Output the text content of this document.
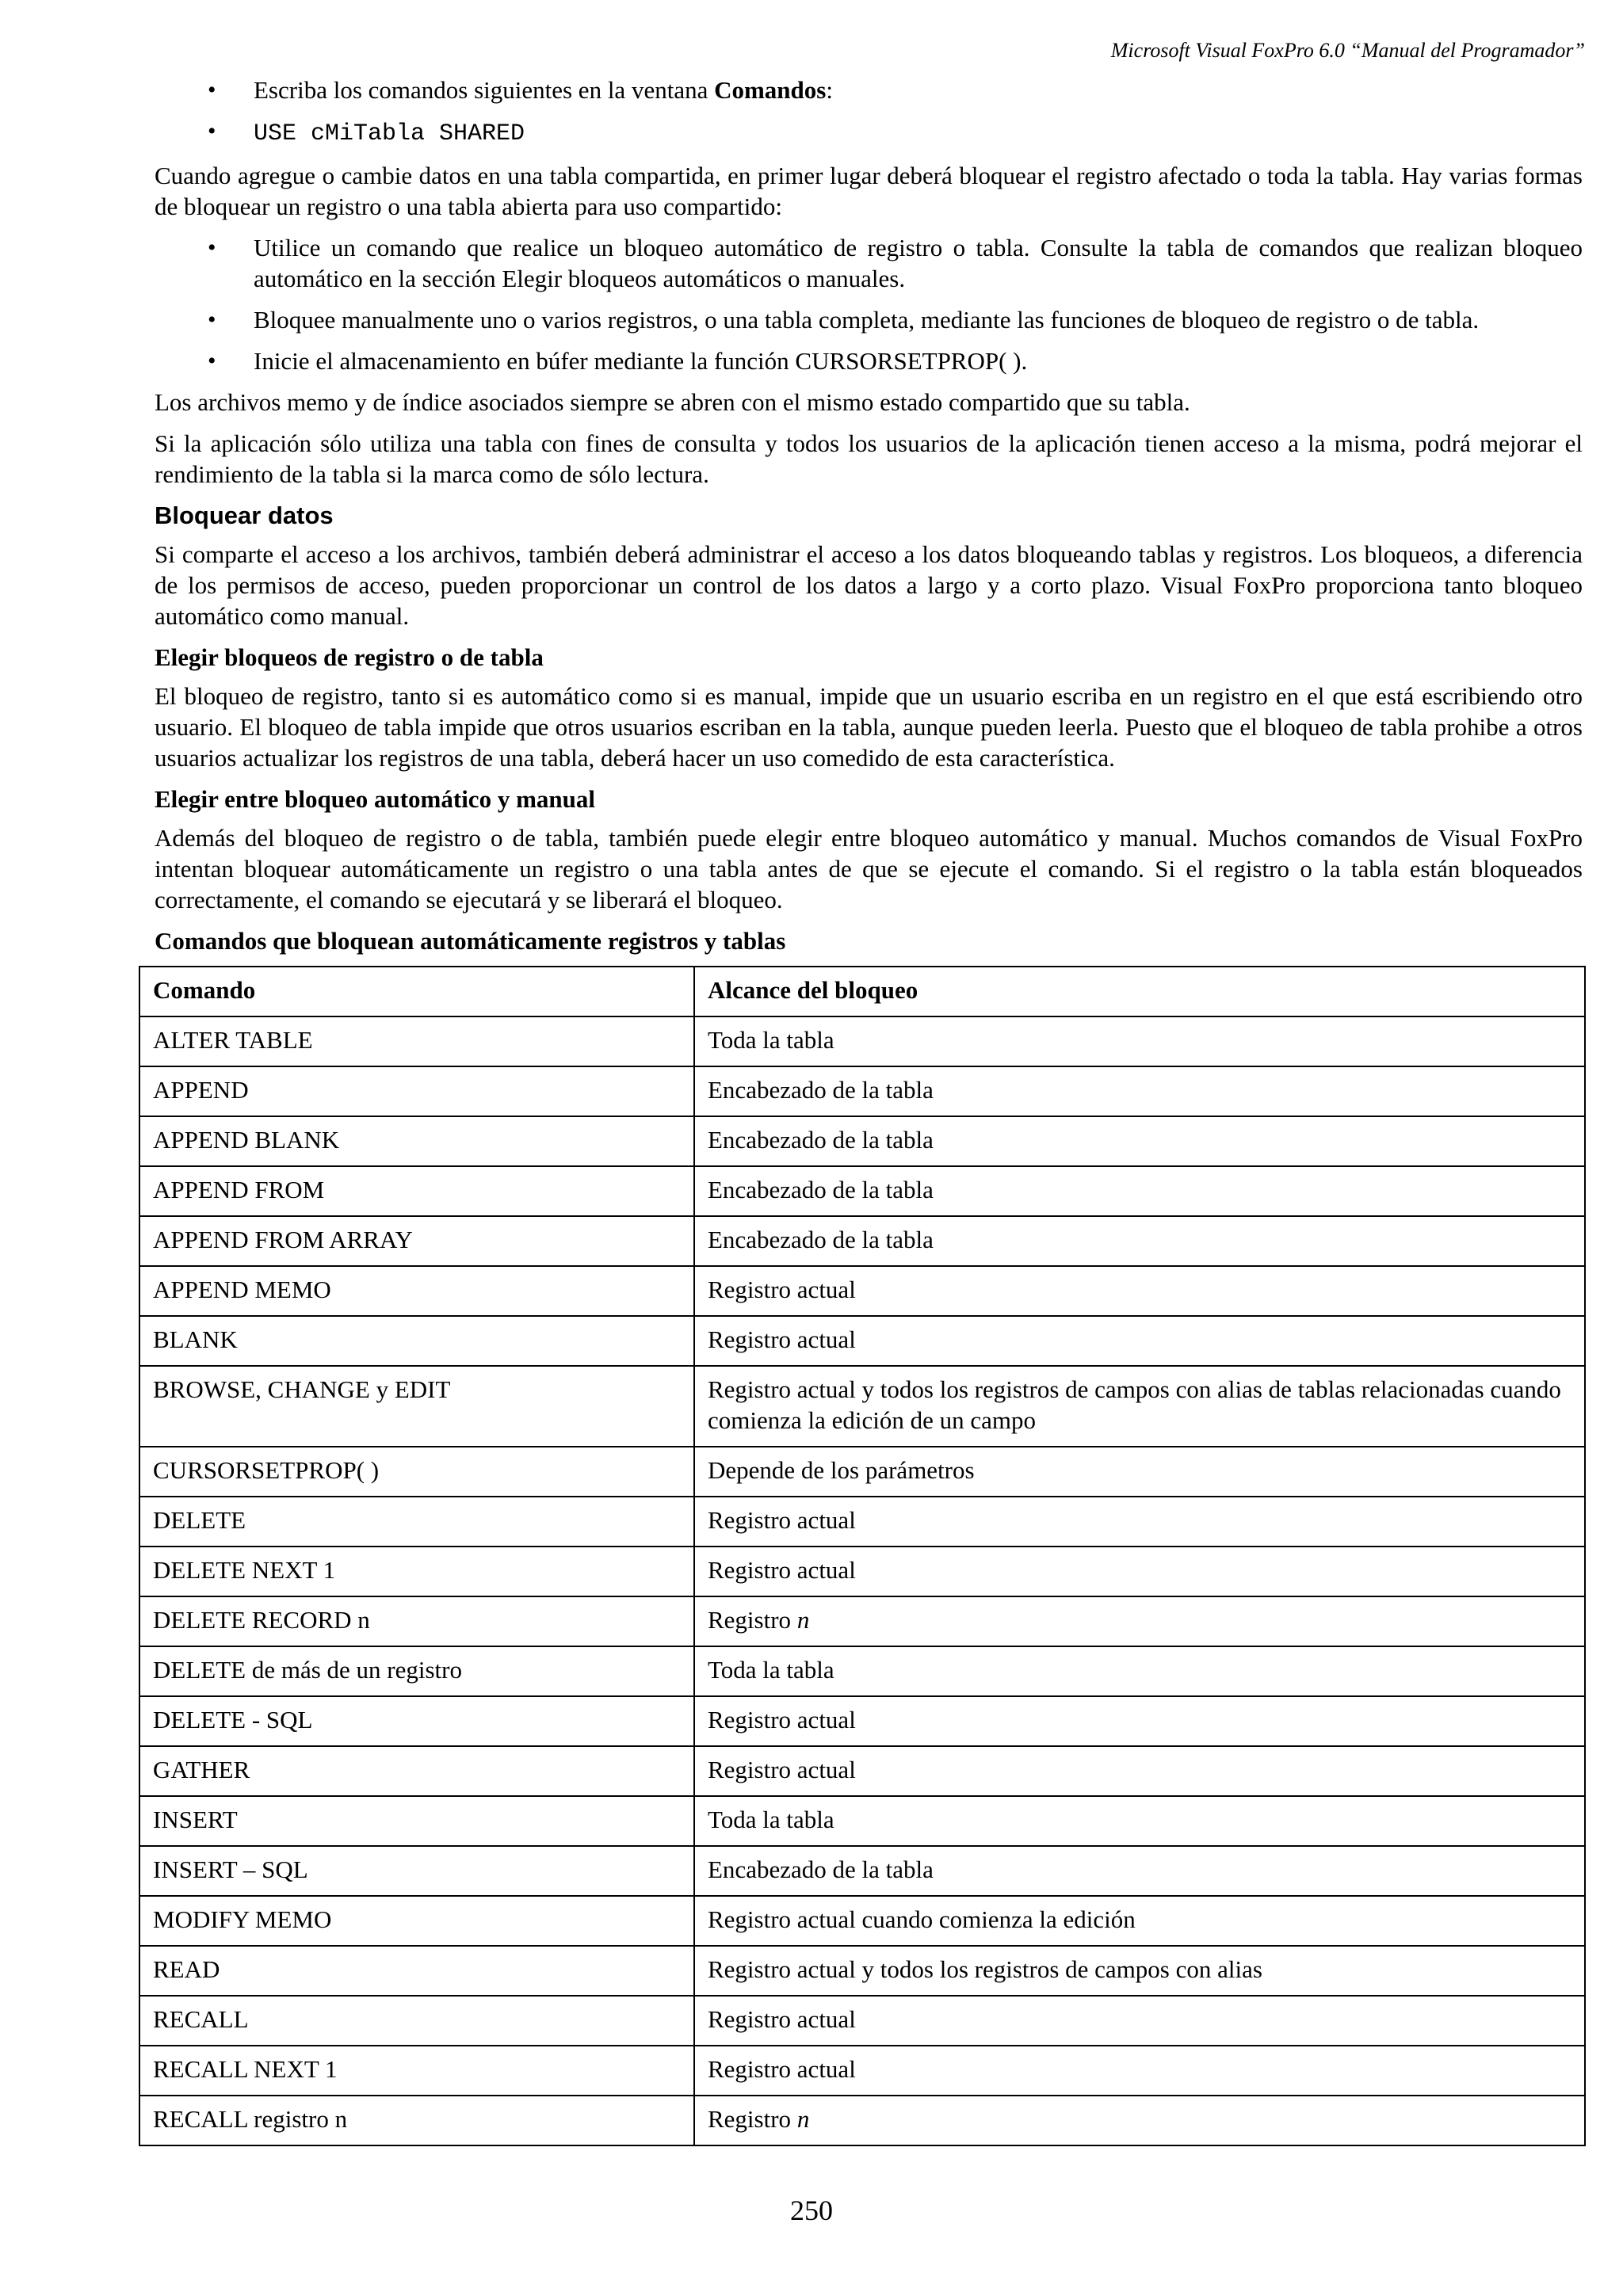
Microsoft Visual FoxPro 6.0 “Manual del Programador”
• Escriba los comandos siguientes en la ventana Comandos:
• USE cMiTabla SHARED

Cuando agregue o cambie datos en una tabla compartida, en primer lugar deberá bloquear el registro afectado o toda la tabla. Hay varias formas de bloquear un registro o una tabla abierta para uso compartido:

• Utilice un comando que realice un bloqueo automático de registro o tabla. Consulte la tabla de comandos que realizan bloqueo automático en la sección Elegir bloqueos automáticos o manuales.
• Bloquee manualmente uno o varios registros, o una tabla completa, mediante las funciones de bloqueo de registro o de tabla.
• Inicie el almacenamiento en búfer mediante la función CURSORSETPROP( ).

Los archivos memo y de índice asociados siempre se abren con el mismo estado compartido que su tabla.

Si la aplicación sólo utiliza una tabla con fines de consulta y todos los usuarios de la aplicación tienen acceso a la misma, podrá mejorar el rendimiento de la tabla si la marca como de sólo lectura.

Bloquear datos

Si comparte el acceso a los archivos, también deberá administrar el acceso a los datos bloqueando tablas y registros. Los bloqueos, a diferencia de los permisos de acceso, pueden proporcionar un control de los datos a largo y a corto plazo. Visual FoxPro proporciona tanto bloqueo automático como manual.

Elegir bloqueos de registro o de tabla

El bloqueo de registro, tanto si es automático como si es manual, impide que un usuario escriba en un registro en el que está escribiendo otro usuario. El bloqueo de tabla impide que otros usuarios escriban en la tabla, aunque pueden leerla. Puesto que el bloqueo de tabla prohibe a otros usuarios actualizar los registros de una tabla, deberá hacer un uso comedido de esta característica.

Elegir entre bloqueo automático y manual

Además del bloqueo de registro o de tabla, también puede elegir entre bloqueo automático y manual. Muchos comandos de Visual FoxPro intentan bloquear automáticamente un registro o una tabla antes de que se ejecute el comando. Si el registro o la tabla están bloqueados correctamente, el comando se ejecutará y se liberará el bloqueo.

Comandos que bloquean automáticamente registros y tablas
Comando	Alcance del bloqueo
ALTER TABLE	Toda la tabla
APPEND	Encabezado de la tabla
APPEND BLANK	Encabezado de la tabla
APPEND FROM	Encabezado de la tabla
APPEND FROM ARRAY	Encabezado de la tabla
APPEND MEMO	Registro actual
BLANK	Registro actual
BROWSE, CHANGE y EDIT	Registro actual y todos los registros de campos con alias de tablas relacionadas cuando comienza la edición de un campo
CURSORSETPROP( )	Depende de los parámetros
DELETE	Registro actual
DELETE NEXT 1	Registro actual
DELETE RECORD n	Registro n
DELETE de más de un registro	Toda la tabla
DELETE - SQL	Registro actual
GATHER	Registro actual
INSERT	Toda la tabla
INSERT – SQL	Encabezado de la tabla
MODIFY MEMO	Registro actual cuando comienza la edición
READ	Registro actual y todos los registros de campos con alias
RECALL	Registro actual
RECALL NEXT 1	Registro actual
RECALL registro n	Registro n
250
